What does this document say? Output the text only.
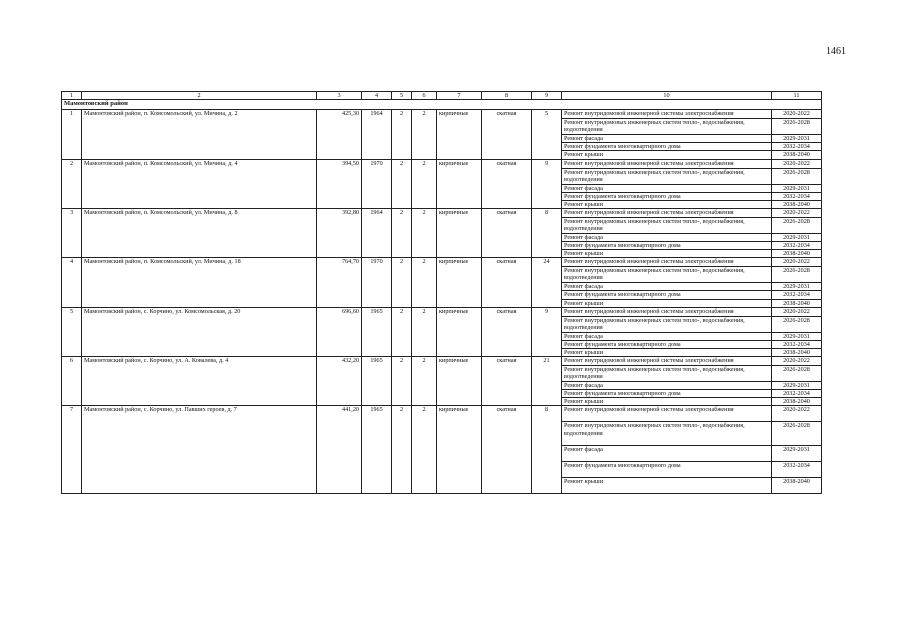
1461
1	2	3	4	5	6	7	8	9	10	11
Мамонтовский район										
1	Мамонтовский район, п. Комсомольский, ул. Мичина, д. 2	425,30	1964	2	2	кирпичные	скатная	5	Ремонт внутридомовой инженерной системы электроснабжения	2020-2022
									Ремонт внутридомовых инженерных систем тепло-, водоснабжения, водоотведения	2026-2028
									Ремонт фасада	2029-2031
									Ремонт фундамента многоквартирного дома	2032-2034
									Ремонт крыши	2038-2040
2	Мамонтовский район, п. Комсомольский, ул. Мичина, д. 4	394,50	1970	2	2	кирпичные	скатная	9	Ремонт внутридомовой инженерной системы электроснабжения	2020-2022
									Ремонт внутридомовых инженерных систем тепло-, водоснабжения, водоотведения	2026-2028
									Ремонт фасада	2029-2031
									Ремонт фундамента многоквартирного дома	2032-2034
									Ремонт крыши	2038-2040
3	Мамонтовский район, п. Комсомольский, ул. Мичина, д. 8	392,80	1964	2	2	кирпичные	скатная	8	Ремонт внутридомовой инженерной системы электроснабжения	2020-2022
									Ремонт внутридомовых инженерных систем тепло-, водоснабжения, водоотведения	2026-2028
									Ремонт фасада	2029-2031
									Ремонт фундамента многоквартирного дома	2032-2034
									Ремонт крыши	2038-2040
4	Мамонтовский район, п. Комсомольский, ул. Мичина, д. 18	764,70	1970	2	2	кирпичные	скатная	24	Ремонт внутридомовой инженерной системы электроснабжения	2020-2022
									Ремонт внутридомовых инженерных систем тепло-, водоснабжения, водоотведения	2026-2028
									Ремонт фасада	2029-2031
									Ремонт фундамента многоквартирного дома	2032-2034
									Ремонт крыши	2038-2040
5	Мамонтовский район, с. Корчино, ул. Комсомольская, д. 20	696,60	1965	2	2	кирпичные	скатная	9	Ремонт внутридомовой инженерной системы электроснабжения	2020-2022
									Ремонт внутридомовых инженерных систем тепло-, водоснабжения, водоотведения	2026-2028
									Ремонт фасада	2029-2031
									Ремонт фундамента многоквартирного дома	2032-2034
									Ремонт крыши	2038-2040
6	Мамонтовский район, с. Корчино, ул. А. Ковалева, д. 4	432,20	1965	2	2	кирпичные	скатная	21	Ремонт внутридомовой инженерной системы электроснабжения	2020-2022
									Ремонт внутридомовых инженерных систем тепло-, водоснабжения, водоотведения	2026-2028
									Ремонт фасада	2029-2031
									Ремонт фундамента многоквартирного дома	2032-2034
									Ремонт крыши	2038-2040
7	Мамонтовский район, с. Корчино, ул. Павших героев, д. 7	441,20	1965	2	2	кирпичные	скатная	8	Ремонт внутридомовой инженерной системы электроснабжения	2020-2022
									Ремонт внутридомовых инженерных систем тепло-, водоснабжения, водоотведения	2026-2028
									Ремонт фасада	2029-2031
									Ремонт фундамента многоквартирного дома	2032-2034
									Ремонт крыши	2038-2040
